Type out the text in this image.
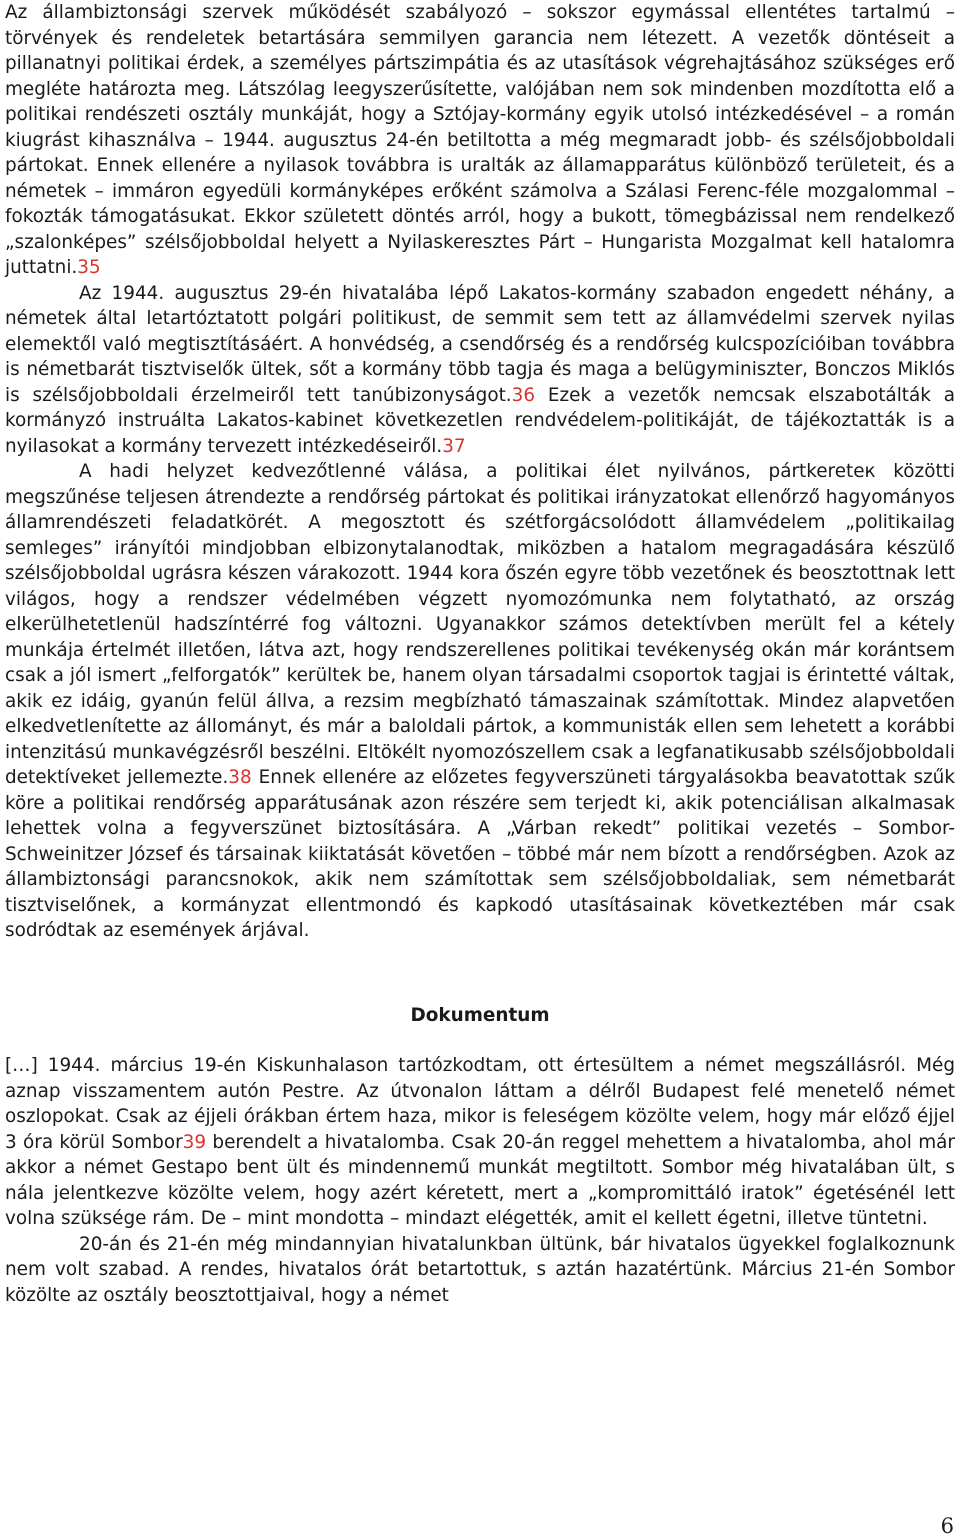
Az állambiztonsági szervek működését szabályozó – sokszor egymással ellentétes tartalmú – törvények és rendeletek betartására semmilyen garancia nem létezett. A vezetők döntéseit a pillanatnyi politikai érdek, a személyes pártszimpátia és az utasítások végrehajtásához szükséges erő megléte határozta meg. Látszólag leegyszerűsítette, valójában nem sok mindenben mozdította elő a politikai rendészeti osztály munkáját, hogy a Sztójay-kormány egyik utolsó intézkedésével – a román kiugrást kihasználva – 1944. augusztus 24-én betiltotta a még megmaradt jobb- és szélsőjobboldali pártokat. Ennek ellenére a nyilasok továbbra is uralták az államapparátus különböző területeit, és a németek – immáron egyedüli kormányképes erőként számolva a Szálasi Ferenc-féle mozgalommal – fokozták támogatásukat. Ekkor született döntés arról, hogy a bukott, tömegbázissal nem rendelkező „szalonképes” szélsőjobboldal helyett a Nyilaskeresztes Párt – Hungarista Mozgalmat kell hatalomra juttatni.35

Az 1944. augusztus 29-én hivatalába lépő Lakatos-kormány szabadon engedett néhány, a németek által letartóztatott polgári politikust, de semmit sem tett az államvédelmi szervek nyilas elemektől való megtisztításáért. A honvédség, a csendőrség és a rendőrség kulcspozícióiban továbbra is németbarát tisztviselők ültek, sőt a kormány több tagja és maga a belügyminiszter, Bonczos Miklós is szélsőjobboldali érzelmeiről tett tanúbizonyságot.36 Ezek a vezetők nemcsak elszabotálták a kormányzó instruálta Lakatos-kabinet következetlen rendvédelem-politikáját, de tájékoztatták is a nyilasokat a kormány tervezett intézkedéseiről.37

A hadi helyzet kedvezőtlenné válása, a politikai élet nyilvános, pártkereteк közötti megszűnése teljesen átrendezte a rendőrség pártokat és politikai irányzatokat ellenőrző hagyományos államrendészeti feladatkörét. A megosztott és szétforgácsolódott államvédelem „politikailag semleges” irányítói mindjobban elbizonytalanodtak, miközben a hatalom megragadására készülő szélsőjobboldal ugrásra készen várakozott. 1944 kora őszén egyre több vezetőnek és beosztottnak lett világos, hogy a rendszer védelmében végzett nyomozómunka nem folytatható, az ország elkerülhetetlenül hadszíntérré fog változni. Ugyanakkor számos detektívben merült fel a kétely munkája értelmét illetően, látva azt, hogy rendszerellenes politikai tevékenység okán már korántsem csak a jól ismert „felforgatók” kerültek be, hanem olyan társadalmi csoportok tagjai is érintetté váltak, akik ez idáig, gyanún felül állva, a rezsim megbízható támaszainak számítottak. Mindez alapvetően elkedvetlenítette az állományt, és már a baloldali pártok, a kommunisták ellen sem lehetett a korábbi intenzitású munkavégzésről beszélni. Eltökélt nyomozószellem csak a legfanatikusabb szélsőjobboldali detektíveket jellemezte.38 Ennek ellenére az előzetes fegyverszüneti tárgyalásokba beavatottak szűk köre a politikai rendőrség apparátusának azon részére sem terjedt ki, akik potenciálisan alkalmasak lehettek volna a fegyverszünet biztosítására. A „Várban rekedt” politikai vezetés – Sombor-Schweinitzer József és társainak kiiktatását követően – többé már nem bízott a rendőrségben. Azok az állambiztonsági parancsnokok, akik nem számítottak sem szélsőjobboldaliak, sem németbarát tisztviselőnek, a kormányzat ellentmondó és kapkodó utasításainak következtében már csak sodródtak az események árjával.

Dokumentum

[…] 1944. március 19-én Kiskunhalason tartózkodtam, ott értesültem a német megszállásról. Még aznap visszamentem autón Pestre. Az útvonalon láttam a délről Budapest felé menetelő német oszlopokat. Csak az éjjeli órákban értem haza, mikor is feleségem közölte velem, hogy már előző éjjel 3 óra körül Sombor39 berendelt a hivatalomba. Csak 20-án reggel mehettem a hivatalomba, ahol már akkor a német Gestapo bent ült és mindennemű munkát megtiltott. Sombor még hivatalában ült, s nála jelentkezve közölte velem, hogy azért kéretett, mert a „kompromittáló iratok” égetésénél lett volna szüksége rám. De – mint mondotta – mindazt elégették, amit el kellett égetni, illetve tüntetni.

20-án és 21-én még mindannyian hivatalunkban ültünk, bár hivatalos ügyekkel foglalkoznunk nem volt szabad. A rendes, hivatalos órát betartottuk, s aztán hazatértünk. Március 21-én Sombor közölte az osztály beosztottjaival, hogy a német

6
